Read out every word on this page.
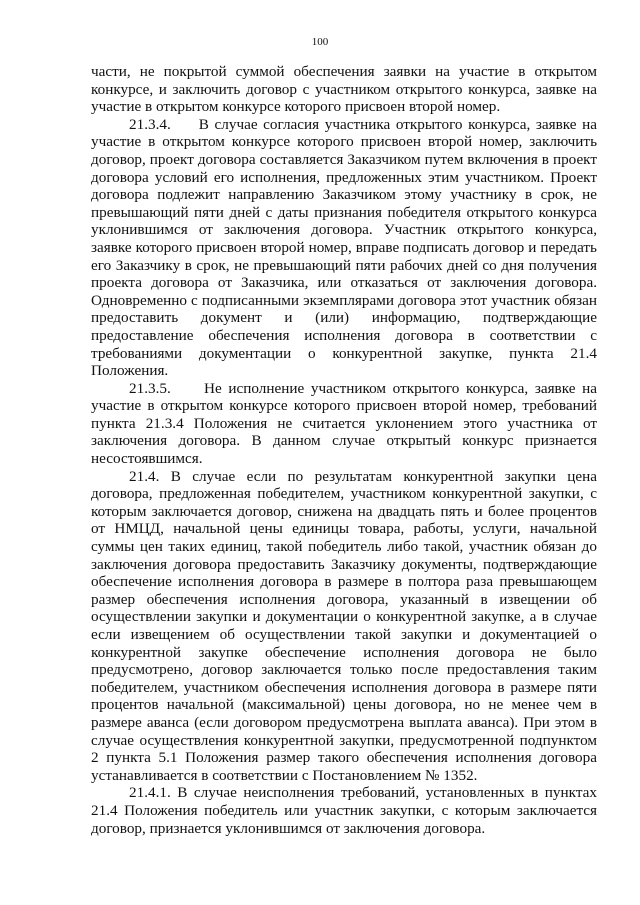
100

части, не покрытой суммой обеспечения заявки на участие в открытом конкурсе, и заключить договор с участником открытого конкурса, заявке на участие в открытом конкурсе которого присвоен второй номер.

21.3.4.     В случае согласия участника открытого конкурса, заявке на участие в открытом конкурсе которого присвоен второй номер, заключить договор, проект договора составляется Заказчиком путем включения в проект договора условий его исполнения, предложенных этим участником. Проект договора подлежит направлению Заказчиком этому участнику в срок, не превышающий пяти дней с даты признания победителя открытого конкурса уклонившимся от заключения договора. Участник открытого конкурса, заявке которого присвоен второй номер, вправе подписать договор и передать его Заказчику в срок, не превышающий пяти рабочих дней со дня получения проекта договора от Заказчика, или отказаться от заключения договора. Одновременно с подписанными экземплярами договора этот участник обязан предоставить документ и (или) информацию, подтверждающие предоставление обеспечения исполнения договора в соответствии с требованиями документации о конкурентной закупке, пункта 21.4 Положения.

21.3.5.     Не исполнение участником открытого конкурса, заявке на участие в открытом конкурсе которого присвоен второй номер, требований пункта 21.3.4 Положения не считается уклонением этого участника от заключения договора. В данном случае открытый конкурс признается несостоявшимся.

21.4. В случае если по результатам конкурентной закупки цена договора, предложенная победителем, участником конкурентной закупки, с которым заключается договор, снижена на двадцать пять и более процентов от НМЦД, начальной цены единицы товара, работы, услуги, начальной суммы цен таких единиц, такой победитель либо такой, участник обязан до заключения договора предоставить Заказчику документы, подтверждающие обеспечение исполнения договора в размере в полтора раза превышающем размер обеспечения исполнения договора, указанный в извещении об осуществлении закупки и документации о конкурентной закупке, а в случае если извещением об осуществлении такой закупки и документацией о конкурентной закупке обеспечение исполнения договора не было предусмотрено, договор заключается только после предоставления таким победителем, участником обеспечения исполнения договора в размере пяти процентов начальной (максимальной) цены договора, но не менее чем в размере аванса (если договором предусмотрена выплата аванса). При этом в случае осуществления конкурентной закупки, предусмотренной подпунктом 2 пункта 5.1 Положения размер такого обеспечения исполнения договора устанавливается в соответствии с Постановлением № 1352.

21.4.1. В случае неисполнения требований, установленных в пунктах 21.4 Положения победитель или участник закупки, с которым заключается договор, признается уклонившимся от заключения договора.
